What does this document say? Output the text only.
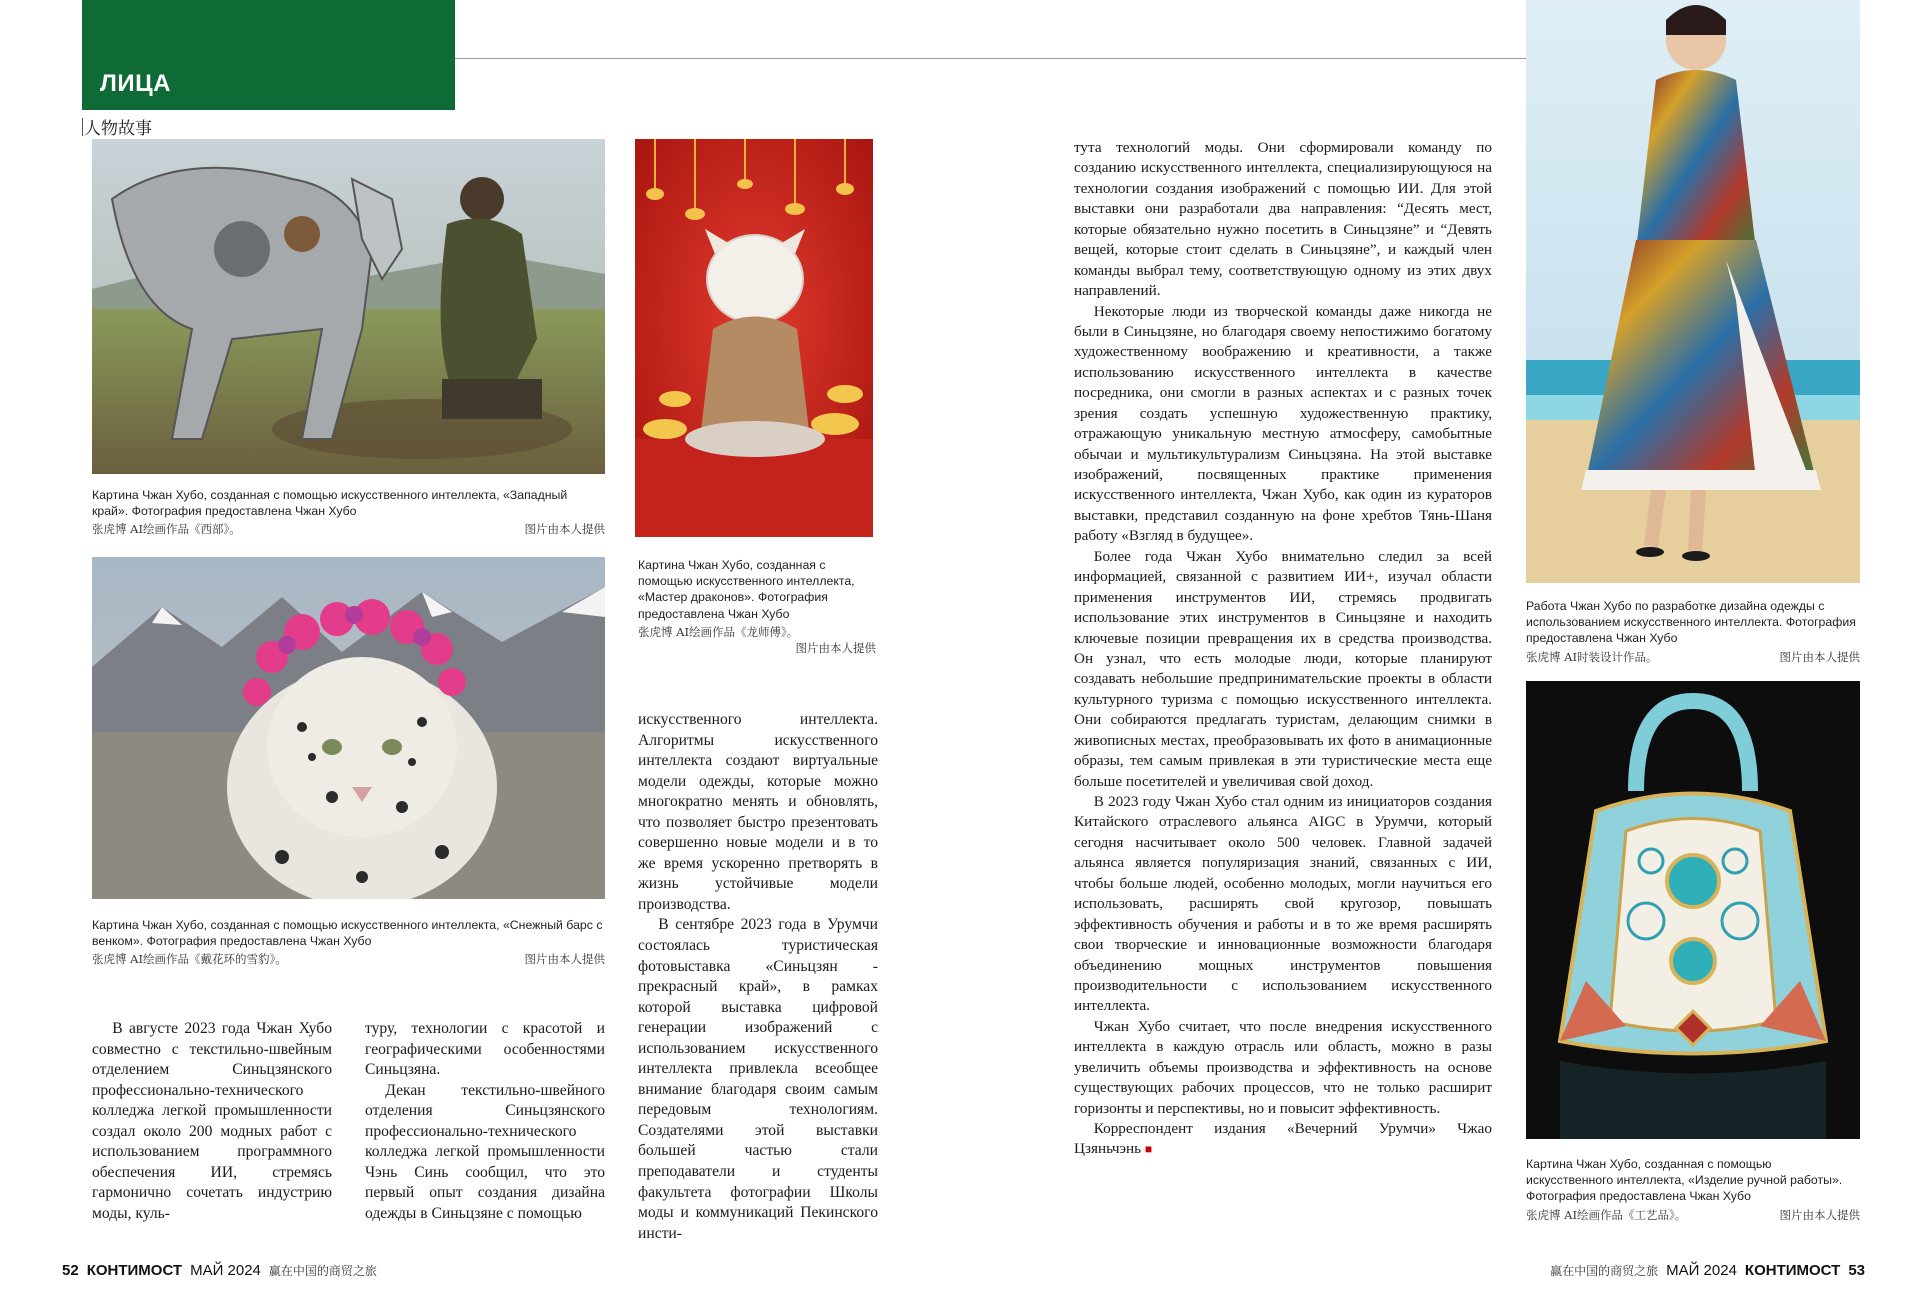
ЛИЦА
人物故事
Картина Чжан Хубо, созданная с помощью искусственного интеллекта, «Западный край». Фотография предоставлена Чжан Хубо
张虎博 AI绘画作品《西部》。	图片由本人提供
Картина Чжан Хубо, созданная с помощью искусственного интеллекта, «Мастер драконов». Фотография предоставлена Чжан Хубо
张虎博 AI绘画作品《龙师傅》。
图片由本人提供
Картина Чжан Хубо, созданная с помощью искусственного интеллекта, «Снежный барс с венком». Фотография предоставлена Чжан Хубо
张虎博 AI绘画作品《戴花环的雪豹》。	图片由本人提供

В августе 2023 года Чжан Хубо совместно с текстильно-швейным отделением Синьцзянского профессионально-технического колледжа легкой промышленности создал около 200 модных работ с использованием программного обеспечения ИИ, стремясь гармонично сочетать индустрию моды, куль-

туру, технологии с красотой и географическими особенностями Синьцзяна.

Декан текстильно-швейного отделения Синьцзянского профессионально-технического колледжа легкой промышленности Чэнь Синь сообщил, что это первый опыт создания дизайна одежды в Синьцзяне с помощью

искусственного интеллекта. Алгоритмы искусственного интеллекта создают виртуальные модели одежды, которые можно многократно менять и обновлять, что позволяет быстро презентовать совершенно новые модели и в то же время ускоренно претворять в жизнь устойчивые модели производства.

В сентябре 2023 года в Урумчи состоялась туристическая фотовыставка «Синьцзян - прекрасный край», в рамках которой выставка цифровой генерации изображений с использованием искусственного интеллекта привлекла всеобщее внимание благодаря своим самым передовым технологиям. Создателями этой выставки большей частью стали преподаватели и студенты факультета фотографии Школы моды и коммуникаций Пекинского инсти-

тута технологий моды. Они сформировали команду по созданию искусственного интеллекта, специализирующуюся на технологии создания изображений с помощью ИИ. Для этой выставки они разработали два направления: “Десять мест, которые обязательно нужно посетить в Синьцзяне” и “Девять вещей, которые стоит сделать в Синьцзяне”, и каждый член команды выбрал тему, соответствующую одному из этих двух направлений.

Некоторые люди из творческой команды даже никогда не были в Синьцзяне, но благодаря своему непостижимо богатому художественному воображению и креативности, а также использованию искусственного интеллекта в качестве посредника, они смогли в разных аспектах и с разных точек зрения создать успешную художественную практику, отражающую уникальную местную атмосферу, самобытные обычаи и мультикультурализм Синьцзяна. На этой выставке изображений, посвященных практике применения искусственного интеллекта, Чжан Хубо, как один из кураторов выставки, представил созданную на фоне хребтов Тянь-Шаня работу «Взгляд в будущее».

Более года Чжан Хубо внимательно следил за всей информацией, связанной с развитием ИИ+, изучал области применения инструментов ИИ, стремясь продвигать использование этих инструментов в Синьцзяне и находить ключевые позиции превращения их в средства производства. Он узнал, что есть молодые люди, которые планируют создавать небольшие предпринимательские проекты в области культурного туризма с помощью искусственного интеллекта. Они собираются предлагать туристам, делающим снимки в живописных местах, преобразовывать их фото в анимационные образы, тем самым привлекая в эти туристические места еще больше посетителей и увеличивая свой доход.

В 2023 году Чжан Хубо стал одним из инициаторов создания Китайского отраслевого альянса AIGC в Урумчи, который сегодня насчитывает около 500 человек. Главной задачей альянса является популяризация знаний, связанных с ИИ, чтобы больше людей, особенно молодых, могли научиться его использовать, расширять свой кругозор, повышать эффективность обучения и работы и в то же время расширять свои творческие и инновационные возможности благодаря объединению мощных инструментов повышения производительности с использованием искусственного интеллекта.

Чжан Хубо считает, что после внедрения искусственного интеллекта в каждую отрасль или область, можно в разы увеличить объемы производства и эффективность на основе существующих рабочих процессов, что не только расширит горизонты и перспективы, но и повысит эффективность.

Корреспондент издания «Вечерний Урумчи» Чжао Цзяньчэнь ■

Работа Чжан Хубо по разработке дизайна одежды с использованием искусственного интеллекта. Фотография предоставлена Чжан Хубо
张虎博 AI时装设计作品。	图片由本人提供
Картина Чжан Хубо, созданная с помощью искусственного интеллекта, «Изделие ручной работы». Фотография предоставлена Чжан Хубо
张虎博 AI绘画作品《工艺品》。	图片由本人提供
52 КОНТИМОСТ МАЙ 2024 赢在中国的商贸之旅	赢在中国的商贸之旅 МАЙ 2024 КОНТИМОСТ 53
